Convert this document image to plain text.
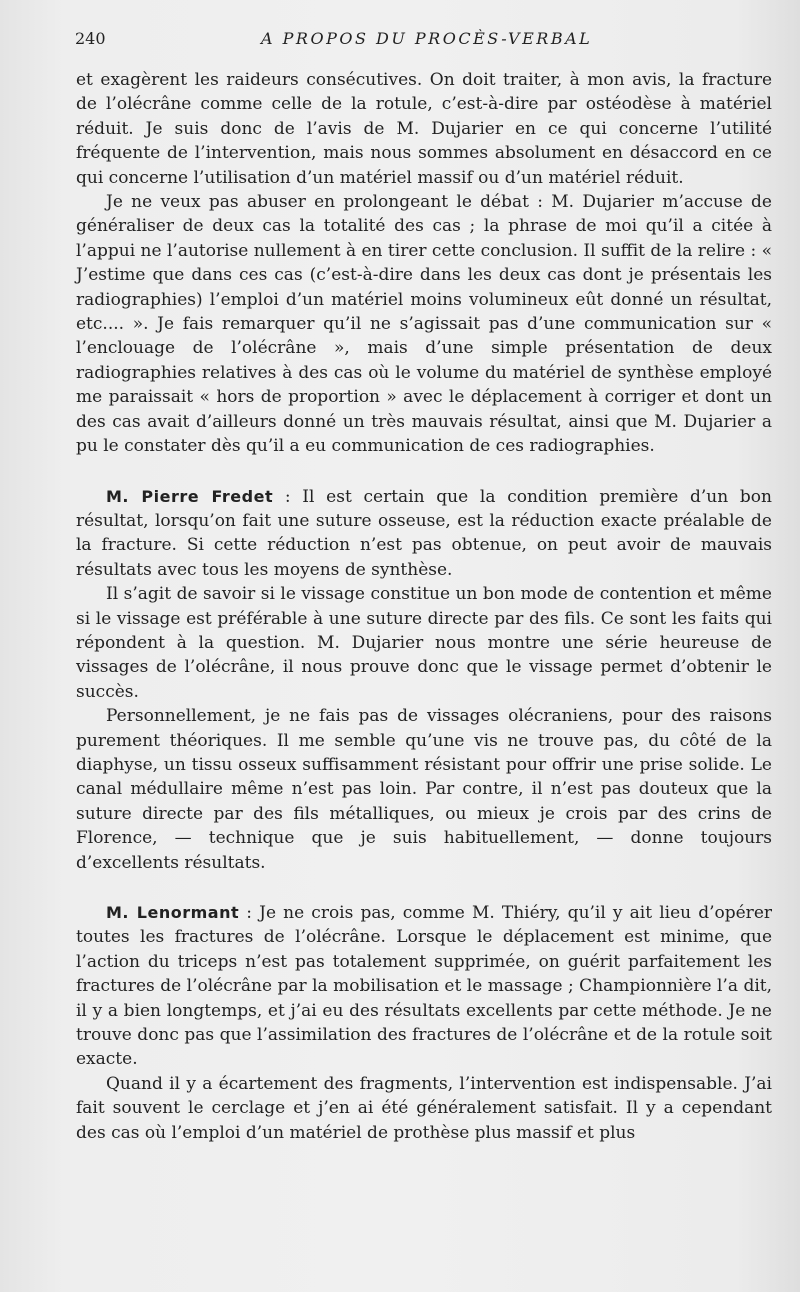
240	A PROPOS DU PROCÈS-VERBAL

et exagèrent les raideurs consécutives. On doit traiter, à mon avis, la fracture de l’olécrâne comme celle de la rotule, c’est-à-dire par ostéodèse à matériel réduit. Je suis donc de l’avis de M. Dujarier en ce qui concerne l’utilité fréquente de l’intervention, mais nous sommes absolument en désaccord en ce qui concerne l’utilisation d’un matériel massif ou d’un matériel réduit.

Je ne veux pas abuser en prolongeant le débat : M. Dujarier m’accuse de généraliser de deux cas la totalité des cas ; la phrase de moi qu’il a citée à l’appui ne l’autorise nullement à en tirer cette conclusion. Il suffit de la relire : « J’estime que dans ces cas (c’est-à-dire dans les deux cas dont je présentais les radiographies) l’emploi d’un matériel moins volumineux eût donné un résultat, etc.... ». Je fais remarquer qu’il ne s’agissait pas d’une communication sur « l’enclouage de l’olécrâne », mais d’une simple présentation de deux radiographies relatives à des cas où le volume du matériel de synthèse employé me paraissait « hors de proportion » avec le déplacement à corriger et dont un des cas avait d’ailleurs donné un très mauvais résultat, ainsi que M. Dujarier a pu le constater dès qu’il a eu communication de ces radiographies.

M. Pierre Fredet : Il est certain que la condition première d’un bon résultat, lorsqu’on fait une suture osseuse, est la réduction exacte préalable de la fracture. Si cette réduction n’est pas obtenue, on peut avoir de mauvais résultats avec tous les moyens de synthèse.

Il s’agit de savoir si le vissage constitue un bon mode de contention et même si le vissage est préférable à une suture directe par des fils. Ce sont les faits qui répondent à la question. M. Dujarier nous montre une série heureuse de vissages de l’olécrâne, il nous prouve donc que le vissage permet d’obtenir le succès.

Personnellement, je ne fais pas de vissages olécraniens, pour des raisons purement théoriques. Il me semble qu’une vis ne trouve pas, du côté de la diaphyse, un tissu osseux suffisamment résistant pour offrir une prise solide. Le canal médullaire même n’est pas loin. Par contre, il n’est pas douteux que la suture directe par des fils métalliques, ou mieux je crois par des crins de Florence, — technique que je suis habituellement, — donne toujours d’excellents résultats.

M. Lenormant : Je ne crois pas, comme M. Thiéry, qu’il y ait lieu d’opérer toutes les fractures de l’olécrâne. Lorsque le déplacement est minime, que l’action du triceps n’est pas totalement supprimée, on guérit parfaitement les fractures de l’olécrâne par la mobilisation et le massage ; Championnière l’a dit, il y a bien longtemps, et j’ai eu des résultats excellents par cette méthode. Je ne trouve donc pas que l’assimilation des fractures de l’olécrâne et de la rotule soit exacte.

Quand il y a écartement des fragments, l’intervention est indispensable. J’ai fait souvent le cerclage et j’en ai été généralement satisfait. Il y a cependant des cas où l’emploi d’un matériel de prothèse plus massif et plus
